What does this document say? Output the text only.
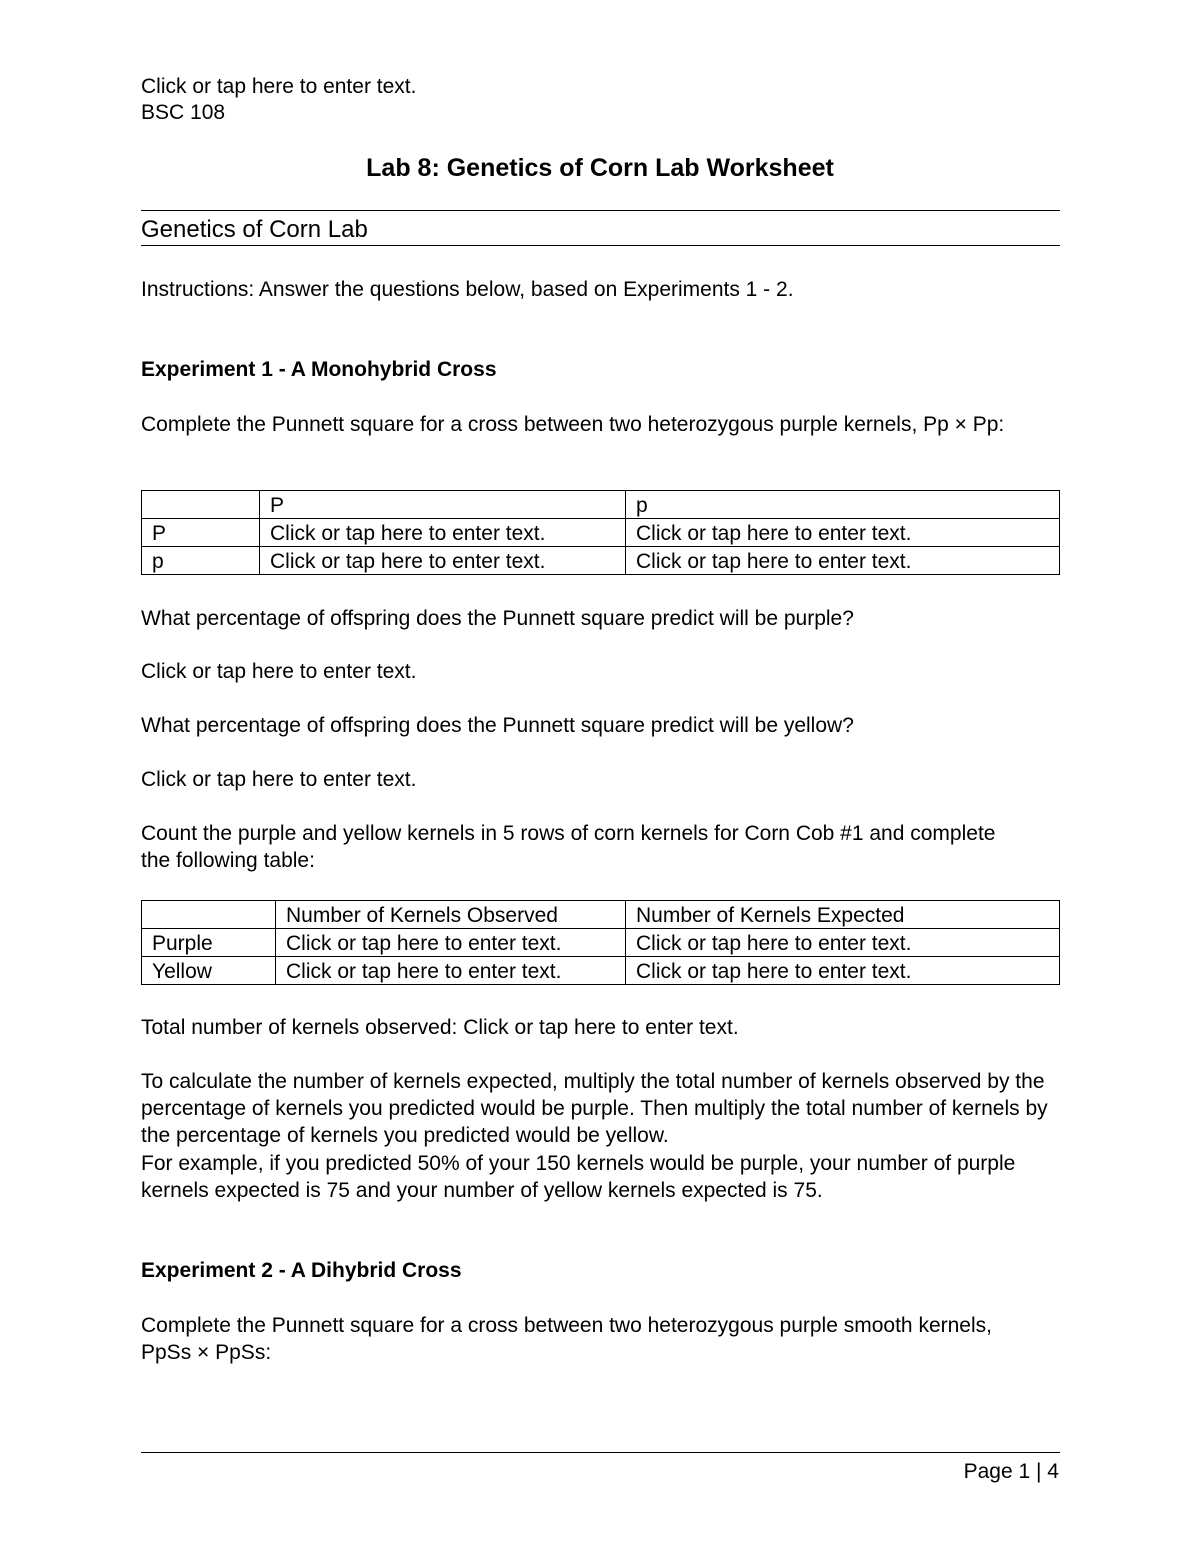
Click or tap here to enter text.
BSC 108
Lab 8: Genetics of Corn Lab Worksheet
Genetics of Corn Lab
Instructions: Answer the questions below, based on Experiments 1 - 2.
Experiment 1 - A Monohybrid Cross
Complete the Punnett square for a cross between two heterozygous purple kernels, Pp × Pp:
	P	p
P	Click or tap here to enter text.	Click or tap here to enter text.
p	Click or tap here to enter text.	Click or tap here to enter text.
What percentage of offspring does the Punnett square predict will be purple?
Click or tap here to enter text.
What percentage of offspring does the Punnett square predict will be yellow?
Click or tap here to enter text.
Count the purple and yellow kernels in 5 rows of corn kernels for Corn Cob #1 and complete the following table:
	Number of Kernels Observed	Number of Kernels Expected
Purple	Click or tap here to enter text.	Click or tap here to enter text.
Yellow	Click or tap here to enter text.	Click or tap here to enter text.
Total number of kernels observed: Click or tap here to enter text.
To calculate the number of kernels expected, multiply the total number of kernels observed by the percentage of kernels you predicted would be purple. Then multiply the total number of kernels by the percentage of kernels you predicted would be yellow.
For example, if you predicted 50% of your 150 kernels would be purple, your number of purple kernels expected is 75 and your number of yellow kernels expected is 75.
Experiment 2 - A Dihybrid Cross
Complete the Punnett square for a cross between two heterozygous purple smooth kernels, PpSs × PpSs:
Page 1 | 4
